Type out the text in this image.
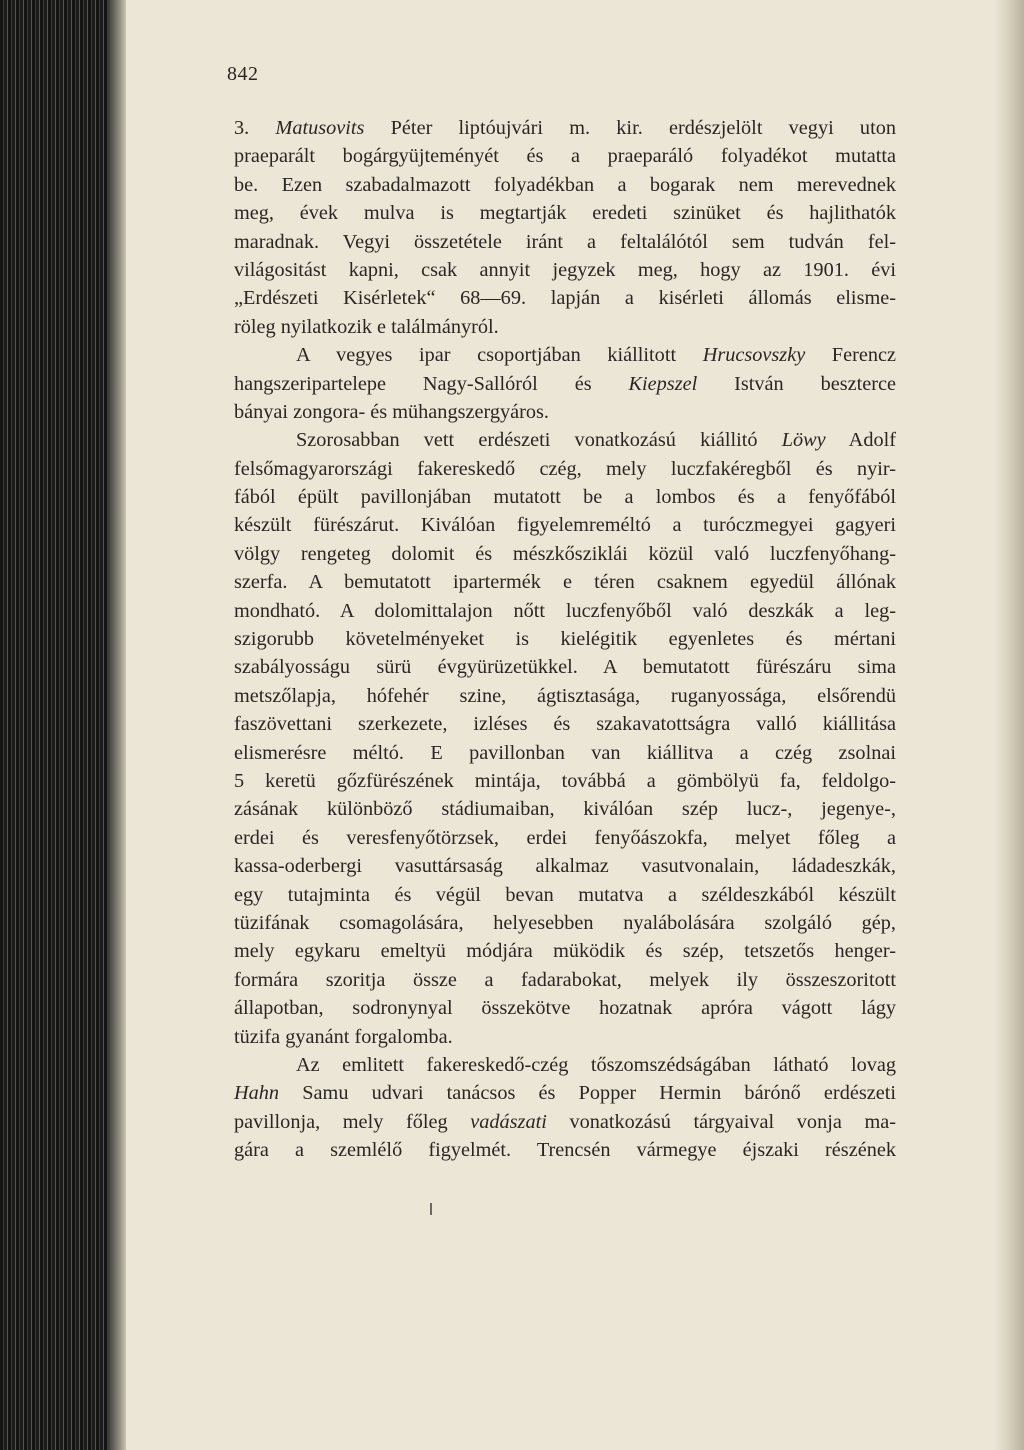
842
3. Matusovits Péter liptóujvári m. kir. erdészjelölt vegyi uton
praeparált bogárgyüjteményét és a praeparáló folyadékot mutatta
be. Ezen szabadalmazott folyadékban a bogarak nem merevednek
meg, évek mulva is megtartják eredeti szinüket és hajlithatók
maradnak. Vegyi összetétele iránt a feltalálótól sem tudván fel-
világositást kapni, csak annyit jegyzek meg, hogy az 1901. évi
„Erdészeti Kisérletek“ 68—69. lapján a kisérleti állomás elisme-
röleg nyilatkozik e találmányról.
A vegyes ipar csoportjában kiállitott Hrucsovszky Ferencz
hangszeripartelepe Nagy-Sallóról és Kiepszel István beszterce
bányai zongora- és mühangszergyáros.
Szorosabban vett erdészeti vonatkozású kiállitó Löwy Adolf
felsőmagyarországi fakereskedő czég, mely luczfakéregből és nyir-
fából épült pavillonjában mutatott be a lombos és a fenyőfából
készült fürészárut. Kiválóan figyelemreméltó a turóczmegyei gagyeri
völgy rengeteg dolomit és mészkősziklái közül való luczfenyőhang-
szerfa. A bemutatott ipartermék e téren csaknem egyedül állónak
mondható. A dolomittalajon nőtt luczfenyőből való deszkák a leg-
szigorubb követelményeket is kielégitik egyenletes és mértani
szabályosságu sürü évgyürüzetükkel. A bemutatott fürészáru sima
metszőlapja, hófehér szine, ágtisztasága, ruganyossága, elsőrendü
faszövettani szerkezete, izléses és szakavatottságra valló kiállitása
elismerésre méltó. E pavillonban van kiállitva a czég zsolnai
5 keretü gőzfürészének mintája, továbbá a gömbölyü fa, feldolgo-
zásának különböző stádiumaiban, kiválóan szép lucz-, jegenye-,
erdei és veresfenyőtörzsek, erdei fenyőászokfa, melyet főleg a
kassa-oderbergi vasuttársaság alkalmaz vasutvonalain, ládadeszkák,
egy tutajminta és végül bevan mutatva a széldeszkából készült
tüzifának csomagolására, helyesebben nyalábolására szolgáló gép,
mely egykaru emeltyü módjára müködik és szép, tetszetős henger-
formára szoritja össze a fadarabokat, melyek ily összeszoritott
állapotban, sodronynyal összekötve hozatnak apróra vágott lágy
tüzifa gyanánt forgalomba.
Az emlitett fakereskedő-czég tőszomszédságában látható lovag
Hahn Samu udvari tanácsos és Popper Hermin bárónő erdészeti
pavillonja, mely főleg vadászati vonatkozású tárgyaival vonja ma-
gára a szemlélő figyelmét. Trencsén vármegye éjszaki részének
